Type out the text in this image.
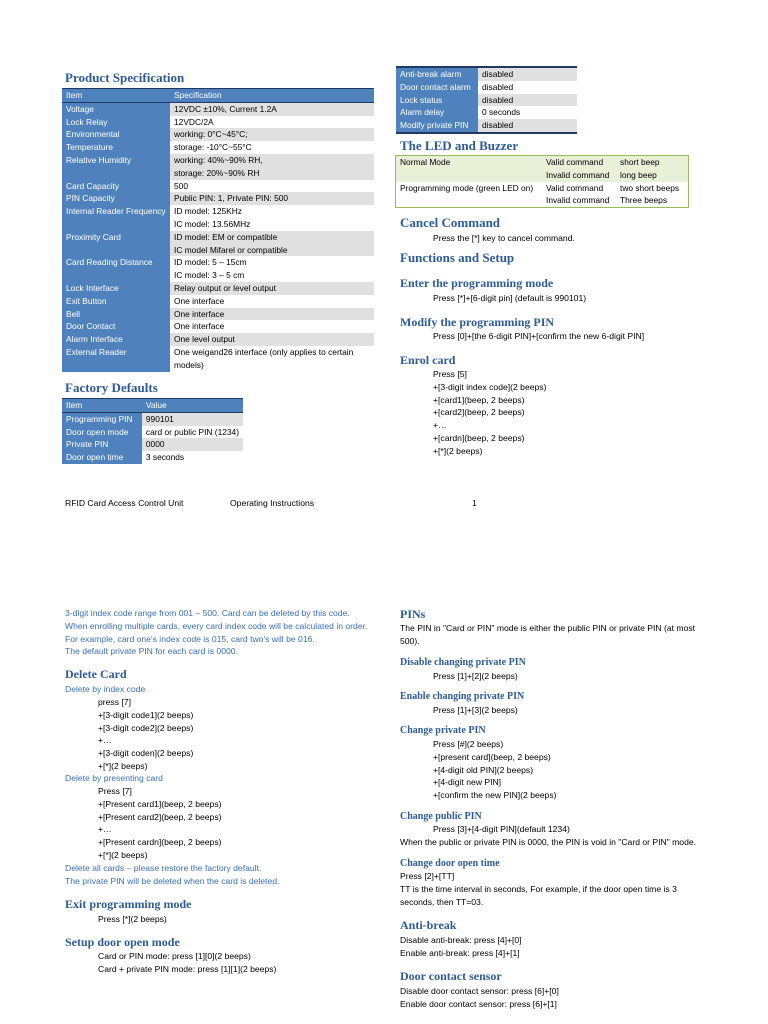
Product Specification
Item	Specification
Voltage	12VDC ±10%, Current 1.2A
Lock Relay	12VDC/2A
Environmental	working: 0°C~45°C;
Temperature	storage: -10°C~55°C
Relative Humidity	working: 40%~90% RH,
	storage: 20%~90% RH
Card Capacity	500
PIN Capacity	Public PIN: 1, Private PIN: 500
Internal Reader Frequency	ID model: 125KHz
	IC model: 13.56MHz
Proximity Card	ID model: EM or compatible
	IC model Mifarel or compatible
Card Reading Distance	ID model: 5 – 15cm
	IC model: 3 – 5 cm
Lock Interface	Relay output or level output
Exit Button	One interface
Bell	One interface
Door Contact	One interface
Alarm Interface	One level output
External Reader	One weigand26 interface (only applies to certain
	models)
Factory Defaults
Item	Value
Programming PIN	990101
Door open mode	card or public PIN (1234)
Private PIN	0000
Door open time	3 seconds
Anti-break alarm	disabled
Door contact alarm	disabled
Lock status	disabled
Alarm delay	0 seconds
Modify private PIN	disabled
The LED and Buzzer
Normal Mode	Valid command	short beep
	Invalid command	long beep
Programming mode (green LED on)	Valid command	two short beeps
	Invalid command	Three beeps
Cancel Command
Press the [*] key to cancel command.
Functions and Setup
Enter the programming mode
Press [*]+[6-digit pin] (default is 990101)
Modify the programming PIN
Press [0]+[the 6-digit PIN]+[confirm the new 6-digit PIN]
Enrol card
Press [5]
+[3-digit index code](2 beeps)
+[card1](beep, 2 beeps)
+[card2](beep, 2 beeps)
+…
+[cardn](beep, 2 beeps)
+[*](2 beeps)
RFID Card Access Control Unit	Operating Instructions	1
3-digit index code range from 001 – 500. Card can be deleted by this code.
When enrolling multiple cards, every card index code will be calculated in order.
For example, card one's index code is 015, card two's will be 016.
The default private PIN for each card is 0000.
Delete Card
Delete by index code
press [7]
+[3-digit code1](2 beeps)
+[3-digit code2](2 beeps)
+…
+[3-digit coden](2 beeps)
+[*](2 beeps)
Delete by presenting card
Press [7]
+[Present card1](beep, 2 beeps)
+[Present card2](beep, 2 beeps)
+…
+[Present cardn](beep, 2 beeps)
+[*](2 beeps)
Delete all cards – please restore the factory default.
The private PIN will be deleted when the card is deleted.
Exit programming mode
Press [*](2 beeps)
Setup door open mode
Card or PIN mode: press [1][0](2 beeps)
Card + private PIN mode: press [1][1](2 beeps)
PINs
The PIN in "Card or PIN" mode is either the public PIN or private PIN (at most
500).
Disable changing private PIN
Press [1]+[2](2 beeps)
Enable changing private PIN
Press [1]+[3](2 beeps)
Change private PIN
Press [#](2 beeps)
+[present card](beep, 2 beeps)
+[4-digit old PIN](2 beeps)
+[4-digit new PIN]
+[confirm the new PIN](2 beeps)
Change public PIN
Press [3]+[4-digit PIN](default 1234)
When the public or private PIN is 0000, the PIN is void in "Card or PIN" mode.
Change door open time
Press [2]+[TT]
TT is the time interval in seconds, For example, if the door open time is 3
seconds, then TT=03.
Anti-break
Disable anti-break: press [4]+[0]
Enable anti-break: press [4]+[1]
Door contact sensor
Disable door contact sensor: press [6]+[0]
Enable door contact sensor: press [6]+[1]
